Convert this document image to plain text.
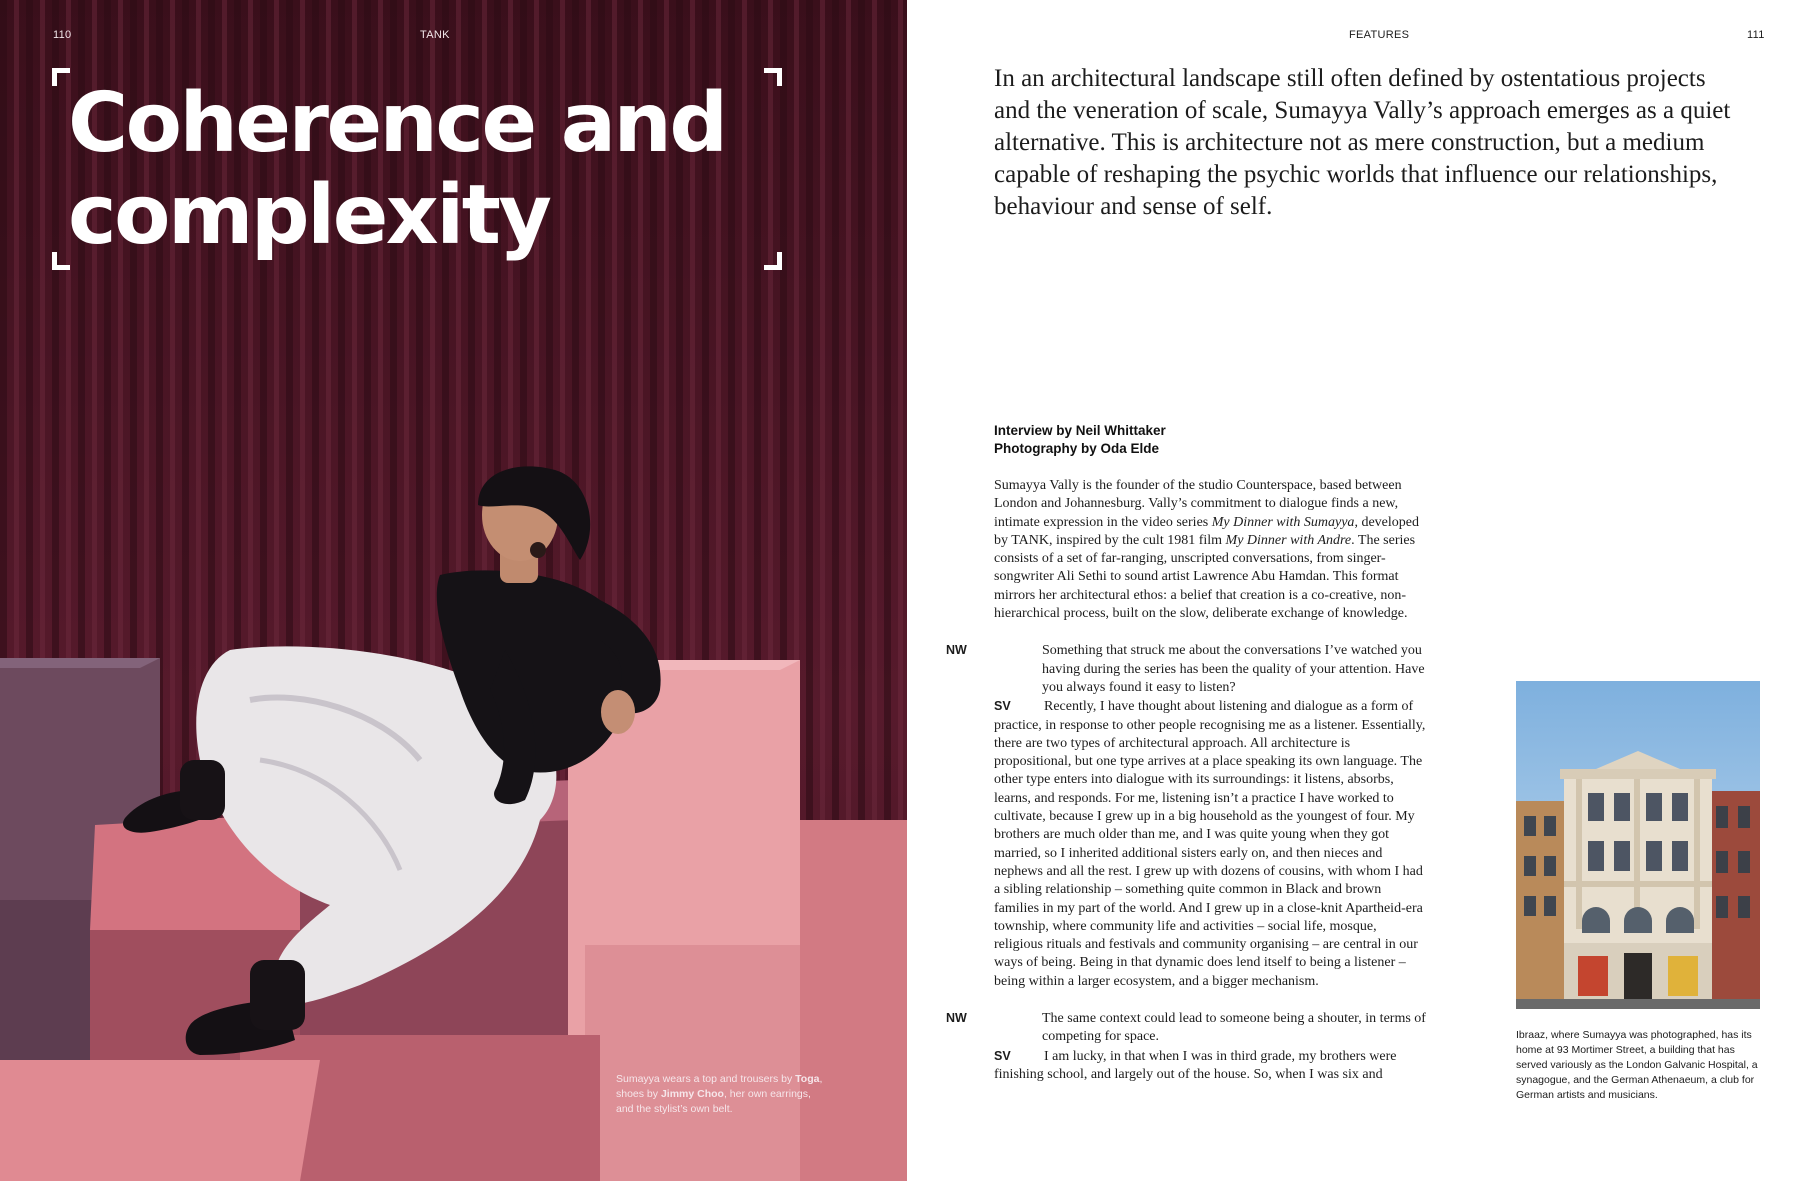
110	TANK
Coherence and
complexity
Sumayya wears a top and trousers by Toga, shoes by Jimmy Choo, her own earrings, and the stylist’s own belt.
FEATURES	111

In an architectural landscape still often defined by ostentatious projects and the veneration of scale, Sumayya Vally’s approach emerges as a quiet alternative. This is architecture not as mere construction, but a medium capable of reshaping the psychic worlds that influence our relationships, behaviour and sense of self.

Interview by Neil Whittaker
Photography by Oda Elde

Sumayya Vally is the founder of the studio Counterspace, based between London and Johannesburg. Vally’s commitment to dialogue finds a new, intimate expression in the video series My Dinner with Sumayya, developed by TANK, inspired by the cult 1981 film My Dinner with Andre. The series consists of a set of far-ranging, unscripted conversations, from singer-songwriter Ali Sethi to sound artist Lawrence Abu Hamdan. This format mirrors her architectural ethos: a belief that creation is a co-creative, non-hierarchical process, built on the slow, deliberate exchange of knowledge.

NW	Something that struck me about the conversations I’ve watched you having during the series has been the quality of your attention. Have you always found it easy to listen?

SV Recently, I have thought about listening and dialogue as a form of practice, in response to other people recognising me as a listener. Essentially, there are two types of architectural approach. All architecture is propositional, but one type arrives at a place speaking its own language. The other type enters into dialogue with its surroundings: it listens, absorbs, learns, and responds. For me, listening isn’t a practice I have worked to cultivate, because I grew up in a big household as the youngest of four. My brothers are much older than me, and I was quite young when they got married, so I inherited additional sisters early on, and then nieces and nephews and all the rest. I grew up with dozens of cousins, with whom I had a sibling relationship – something quite common in Black and brown families in my part of the world. And I grew up in a close-knit Apartheid-era township, where community life and activities – social life, mosque, religious rituals and festivals and community organising – are central in our ways of being. Being in that dynamic does lend itself to being a listener – being within a larger ecosystem, and a bigger mechanism.

NW	The same context could lead to someone being a shouter, in terms of competing for space.

SV I am lucky, in that when I was in third grade, my brothers were finishing school, and largely out of the house. So, when I was six and

Ibraaz, where Sumayya was photographed, has its home at 93 Mortimer Street, a building that has served variously as the London Galvanic Hospital, a synagogue, and the German Athenaeum, a club for German artists and musicians.
